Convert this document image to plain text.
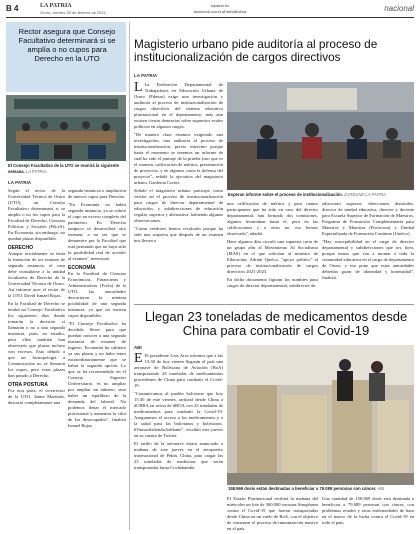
B 4	LA PATRIA
Oruro, viernes 26 de febrero de 2021
lapatria.bo
facebook.com/LaPatriaBolivia	nacional
Rector asegura que Consejo Facultativo determinará si se amplía o no cupos para Derecho en la UTO
El Consejo Facultativo de la UTO se reunirá la siguiente semana. LA PATRIA
LA PATRIA
Según el rector de la Universidad Técnica de Oruro (UTO), un Consejo Facultativo determinará si se amplía o no los cupos para la Facultad de Derecho, Ciencias Políticas y Sociales (FdcyS). En Economía, sin embargo, no quedan plazas disponibles.
DERECHO
Aunque inicialmente se tenía la intención de un examen de segunda instancia, el caso debe consultarse a la unidad facultativa de Derecho de la Universidad Técnica de Oruro. Así informó ayer el rector de la UTO, David Ismael Rojas.
En la Facultad de Derecho se tendrá un Consejo Facultativo los siguientes días donde tomarán la decisión si llamarán o no a una segunda instancia, pues, en estudio, pero ellos también han observado que plazas incluso con excesos. Esto debido a que un Antropología a Comunicación no se llenaron los cupos, pero estas plazas han pasado a Derecho.
OTRA POSTURA
Por otra parte, el vicerrector de la UTO, Jaime Martínez, descartó completamente una
segunda instancia o ampliación de nuevos cupos para Derecho.
"En Economía no habrá segunda instancia, ya se cubrió el cupo en exceso completo del parámetro. En Derecho tampoco se desarrollará otro examen, a no ser que se demuestre por la Facultad que está pensando que no haya sido la posibilidad real de acceder al examen", mencionó.
ECONOMÍA
En la Facultad de Ciencias Económicas, Financieras y Administrativas (Fcefa) de la UTO, las autoridades descartaron la mínima posibilidad de una segunda instancia, ya que no existen cupos disponibles.
"El Consejo Facultativo ha decidido llevar para que puedan conocer a una segunda instancia de examen de ingreso. Economía ha cubierto ya sus plazas y no hubo tenor extraordinariamente que se habrá la segunda opción. Lo que se ha recomendado en el Consejo Superior Universitario, es no ampliar por ampliar un número, sino haber un equilibrio de la demanda del laboral. No podemos llenar el mercado profesional y aumentar la cifra de los desocupados", finalizó Ismael Rojas.
Magisterio urbano pide auditoría al proceso de institucionalización de cargos directivos
LA PATRIA
L La Federación Departamental de Trabajadores en Educación Urbana de Oruro (Fdteuo) exige una investigación y auditoría al proceso de institucionalización de cargos directivos del sistema educativo plurinacional en el departamento, más aún existen ciertas denuncias sobre supuestos avales políticos en algunos cargos.
"De manera clara estamos exigiendo una investigación, una auditoría al proceso de institucionalización, previo intervino porque hasta el momento se tenemos un informe de cuál ha sido el puntaje de la prueba (uso que es el examen, calificación de méritos, presentación de proyectos, y en algunos casos la defensa del proyecto", señaló la ejecutiva del magisterio urbano, Gardenia Cortez.
Señaló el magisterio urbano participó como veedor en el proceso de institucionalización para cargos de director departamental de educación, y subdirecciones de educación regular, superior y alternativa, habiendo algunas observaciones.
"Como veedores hemos recalcado porque ha sido una sorpresa que después de un examen nos llevan a
Esperan informe sobre el proceso de institucionalización. ZARDANE LA PATRIA
una calificación de méritos y para cuanto participantes que ha sido en caso del director departamental, han formado dos comisiones, algunos levantaban hasta el, pero en las calificaciones y a otros no, eso hemos observado", añadió.
Hace algunos días circuló una supuesta carta de un grupo afín al Movimiento Al Socialismo (MAS) en el que solicitan al ministro de Educación, Adrián Quelca, "apoyo político" al proceso de institucionalización de cargos directivos 2021-2023.
En dicho documento figuran los nombres para cargos de director departamental, subdirector de
educación superior, direcciones distritales, director de unidad educativa, director y docente para Escuela Superior de Formación de Maestros, Programa de Formación Complementaria para Maestros y Maestras (Profocom) y Unidad Especializada de Formación Continua (Unefco).
"Hay susceptibilidad en el cargo de director departamental y subdirecciones que ser, bien, porque temos que van a montar a toda la comunidad educativa en el cargo de departamento de Oruro, y eso pone que estas autoridades deberían gozar de idoneidad y honestidad", finalizó.
Llegan 23 toneladas de medicamentos desde China para combatir el Covid-19
ABI
E El presidente Luis Arce informó que a las 15:30 de hoy vienen llegarán el país una aeronave de Boliviana de Aviación (BoA) transportando 23 toneladas de medicamentos procedentes de China para combatir el Covid-19.
"Comunicamos al pueblo boliviano que hoy 15:30 de este viernes, arribará desde China a #CBBA en avión de #BOA con 23 toneladas de medicamentos para combatir la Covid-19. Aseguramos el acceso a los medicamentos y a la salud para las bolivianas y bolivianos. #VamosSaliendoAdelante", escribió este jueves en su cuenta de Twitter.
El arribo de la aeronave estará anunciado a mañana de este jueves en el aeropuerto internacional de Pekín, China, para cargar las 23 toneladas de medicinas que serán transportadas hasta Cochabamba.
158.969 dosis están destinadas a beneficiar a 79.089 personas con cáncer. ABI
El Estado Plurinacional recibirá la mañana del miércoles un lote de 300.000 vacunas Sinopharm contra el Covid-19 que fueron transportadas desde China en un vuelo de BoA, con el objetivo de comenzar el proceso de inmunización masivo en el país.
Una cantidad de 158.969 dosis está destinada a beneficiar a 79.089 personas con cáncer, con problemas renales y otras enfermedades de base en el marco de la lucha contra el Covid-19 en todo el país.
